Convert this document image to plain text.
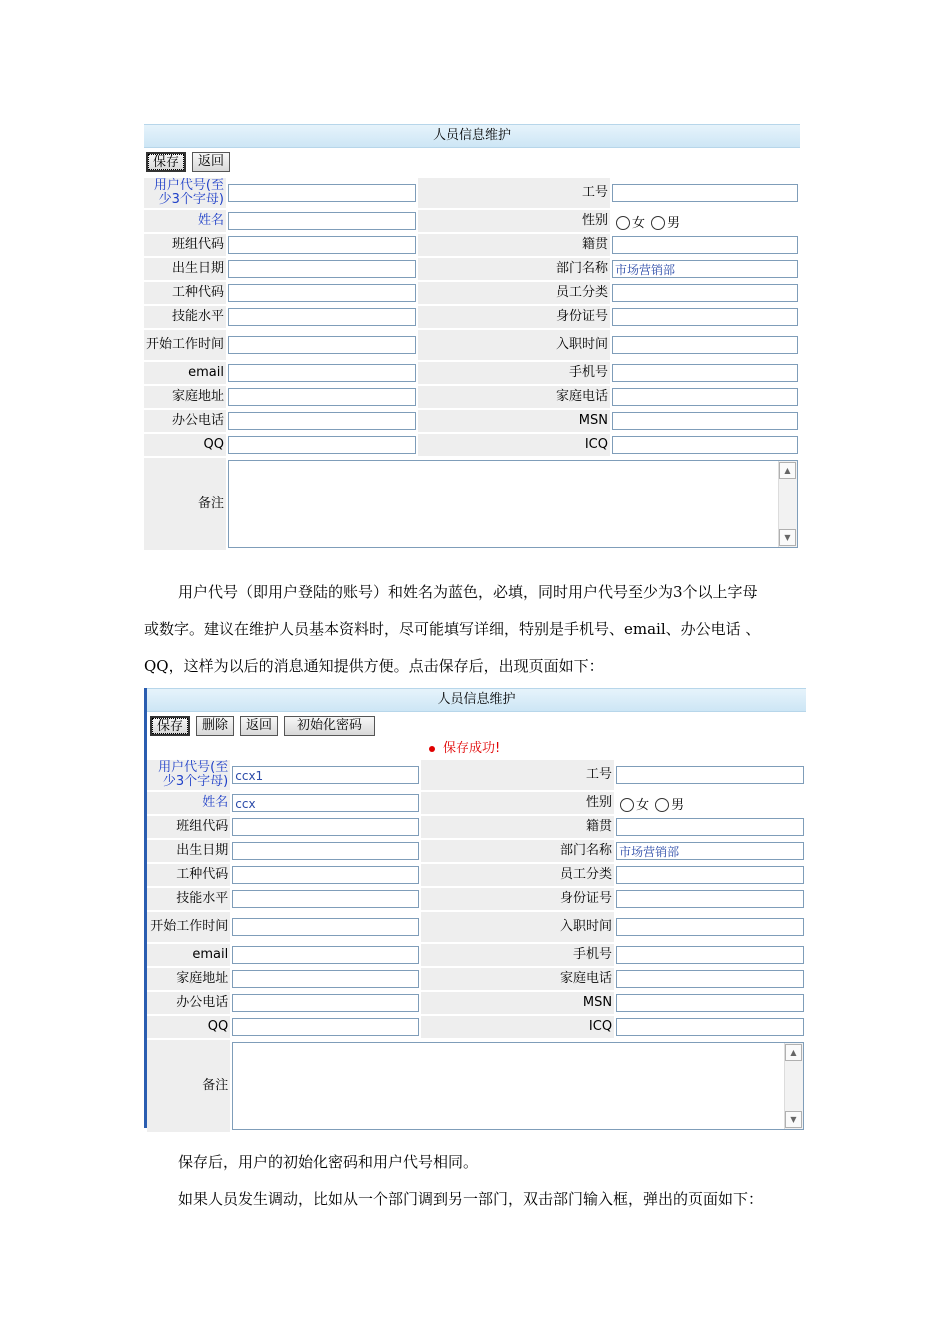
人员信息维护
保存	返回
用户代号(至少3个字母)		工号	

姓名		性别	女 男
班组代码		籍贯	

出生日期		部门名称	市场营销部

工种代码		员工分类	

技能水平		身份证号	

开始工作时间		入职时间	

email		手机号	

家庭地址		家庭电话	

办公电话		MSN	

QQ		ICQ	

备注	▲
▼		
用户代号（即用户登陆的账号）和姓名为蓝色，必填，同时用户代号至少为3个以上字母
或数字。建议在维护人员基本资料时，尽可能填写详细，特别是手机号、email、办公电话 、
QQ，这样为以后的消息通知提供方便。点击保存后，出现页面如下：
人员信息维护
保存	删除	返回	初始化密码
保存成功!
用户代号(至少3个字母)	ccx1	工号	

姓名	ccx	性别	女 男
班组代码		籍贯	

出生日期		部门名称	市场营销部

工种代码		员工分类	

技能水平		身份证号	

开始工作时间		入职时间	

email		手机号	

家庭地址		家庭电话	

办公电话		MSN	

QQ		ICQ	

备注	▲
▼		
保存后，用户的初始化密码和用户代号相同。
如果人员发生调动，比如从一个部门调到另一部门，双击部门输入框，弹出的页面如下：
